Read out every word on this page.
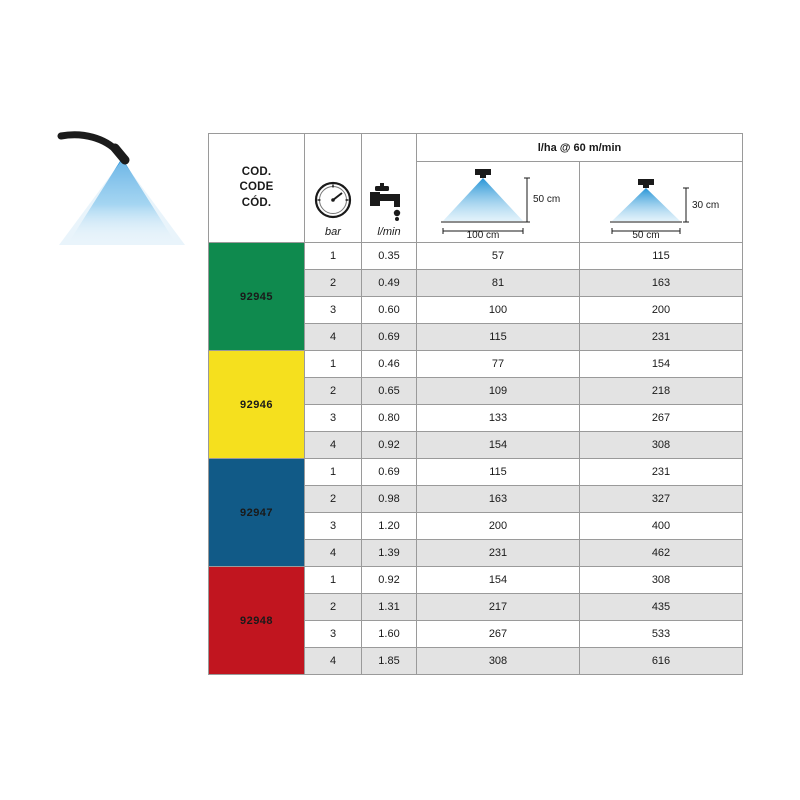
COD.
CODE
CÓD.	bar	l/min	l/ha @ 60 m/min	

50 cm
100 cm	30 cm
50 cm

92945	1	0.35	57	115
	2	0.49	81	163
	3	0.60	100	200
	4	0.69	115	231
92946	1	0.46	77	154
	2	0.65	109	218
	3	0.80	133	267
	4	0.92	154	308
92947	1	0.69	115	231
	2	0.98	163	327
	3	1.20	200	400
	4	1.39	231	462
92948	1	0.92	154	308
	2	1.31	217	435
	3	1.60	267	533
	4	1.85	308	616
